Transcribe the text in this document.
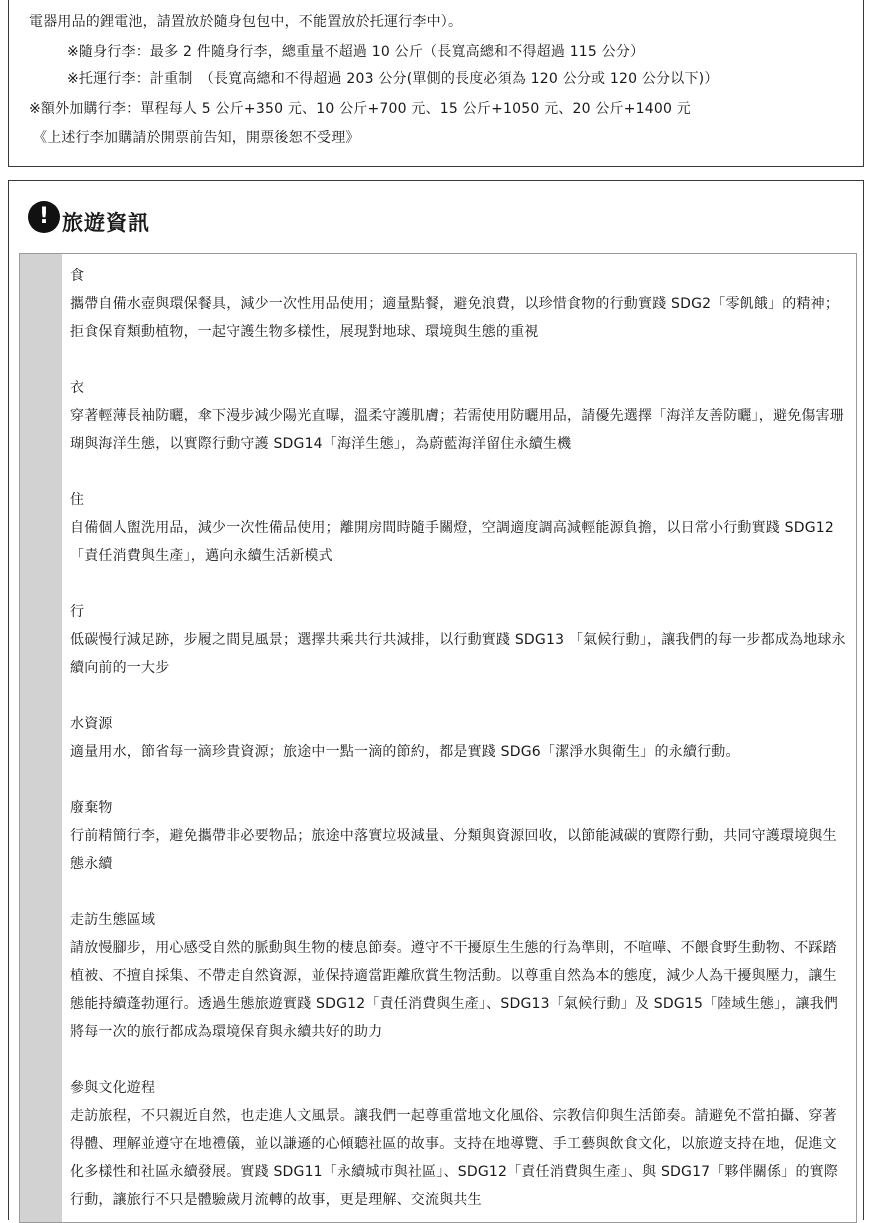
電器用品的鋰電池，請置放於隨身包包中，不能置放於托運行李中）。
※隨身行李：最多 2 件隨身行李，總重量不超過 10 公斤（長寬高總和不得超過 115 公分）
※托運行李：計重制　（長寬高總和不得超過 203 公分(單側的長度必須為 120 公分或 120 公分以下)）
※額外加購行李：單程每人 5 公斤+350 元、10 公斤+700 元、15 公斤+1050 元、20 公斤+1400 元
《上述行李加購請於開票前告知，開票後恕不受理》
! 旅遊資訊
食
攜帶自備水壺與環保餐具，減少一次性用品使用；適量點餐，避免浪費，以珍惜食物的行動實踐 SDG2「零飢餓」的精神；拒食保育類動植物，一起守護生物多樣性，展現對地球、環境與生態的重視
衣
穿著輕薄長袖防曬，傘下漫步減少陽光直曝，溫柔守護肌膚；若需使用防曬用品，請優先選擇「海洋友善防曬」，避免傷害珊瑚與海洋生態，以實際行動守護 SDG14「海洋生態」，為蔚藍海洋留住永續生機
住
自備個人盥洗用品，減少一次性備品使用；離開房間時隨手關燈，空調適度調高減輕能源負擔，以日常小行動實踐 SDG12「責任消費與生產」，邁向永續生活新模式
行
低碳慢行減足跡，步履之間見風景；選擇共乘共行共減排，以行動實踐 SDG13 「氣候行動」，讓我們的每一步都成為地球永續向前的一大步
水資源
適量用水，節省每一滴珍貴資源；旅途中一點一滴的節約，都是實踐 SDG6「潔淨水與衛生」的永續行動。
廢棄物
行前精簡行李，避免攜帶非必要物品；旅途中落實垃圾減量、分類與資源回收，以節能減碳的實際行動，共同守護環境與生態永續
走訪生態區域
請放慢腳步，用心感受自然的脈動與生物的棲息節奏。遵守不干擾原生生態的行為準則，不喧嘩、不餵食野生動物、不踩踏植被、不擅自採集、不帶走自然資源，並保持適當距離欣賞生物活動。以尊重自然為本的態度，減少人為干擾與壓力，讓生態能持續蓬勃運行。透過生態旅遊實踐 SDG12「責任消費與生產」、SDG13「氣候行動」及 SDG15「陸域生態」，讓我們將每一次的旅行都成為環境保育與永續共好的助力
參與文化遊程
走訪旅程，不只親近自然，也走進人文風景。讓我們一起尊重當地文化風俗、宗教信仰與生活節奏。請避免不當拍攝、穿著得體、理解並遵守在地禮儀，並以謙遜的心傾聽社區的故事。支持在地導覽、手工藝與飲食文化，以旅遊支持在地，促進文化多樣性和社區永續發展。實踐 SDG11「永續城市與社區」、SDG12「責任消費與生產」、與 SDG17「夥伴關係」的實際行動，讓旅行不只是體驗歲月流轉的故事，更是理解、交流與共生
